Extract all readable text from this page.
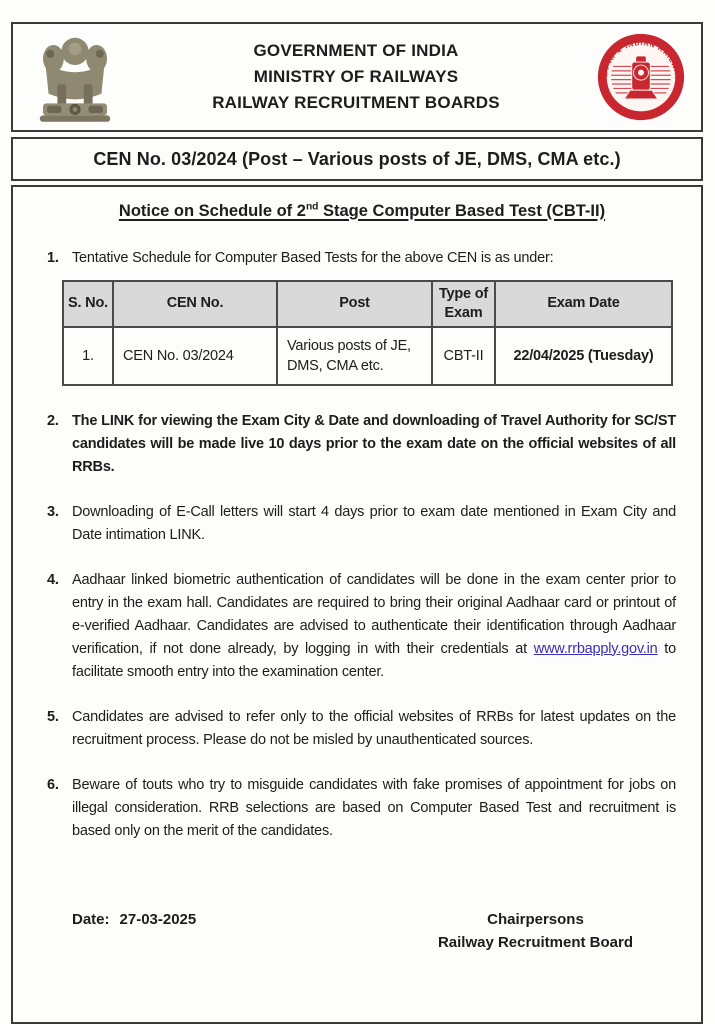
GOVERNMENT OF INDIA
MINISTRY OF RAILWAYS
RAILWAY RECRUITMENT BOARDS
भारतीय रेल ★ INDIAN RAILWAYS
CEN No. 03/2024 (Post – Various posts of JE, DMS, CMA etc.)
Notice on Schedule of 2nd Stage Computer Based Test (CBT-II)
1. Tentative Schedule for Computer Based Tests for the above CEN is as under:
S. No.	CEN No.	Post	Type of Exam	Exam Date
1.	CEN No. 03/2024	Various posts of JE, DMS, CMA etc.	CBT-II	22/04/2025 (Tuesday)
2. The LINK for viewing the Exam City & Date and downloading of Travel Authority for SC/ST candidates will be made live 10 days prior to the exam date on the official websites of all RRBs.
3. Downloading of E-Call letters will start 4 days prior to exam date mentioned in Exam City and Date intimation LINK.
4. Aadhaar linked biometric authentication of candidates will be done in the exam center prior to entry in the exam hall. Candidates are required to bring their original Aadhaar card or printout of e-verified Aadhaar. Candidates are advised to authenticate their identification through Aadhaar verification, if not done already, by logging in with their credentials at www.rrbapply.gov.in to facilitate smooth entry into the examination center.
5. Candidates are advised to refer only to the official websites of RRBs for latest updates on the recruitment process. Please do not be misled by unauthenticated sources.
6. Beware of touts who try to misguide candidates with fake promises of appointment for jobs on illegal consideration. RRB selections are based on Computer Based Test and recruitment is based only on the merit of the candidates.
Date: 27-03-2025	Chairpersons
Railway Recruitment Board
